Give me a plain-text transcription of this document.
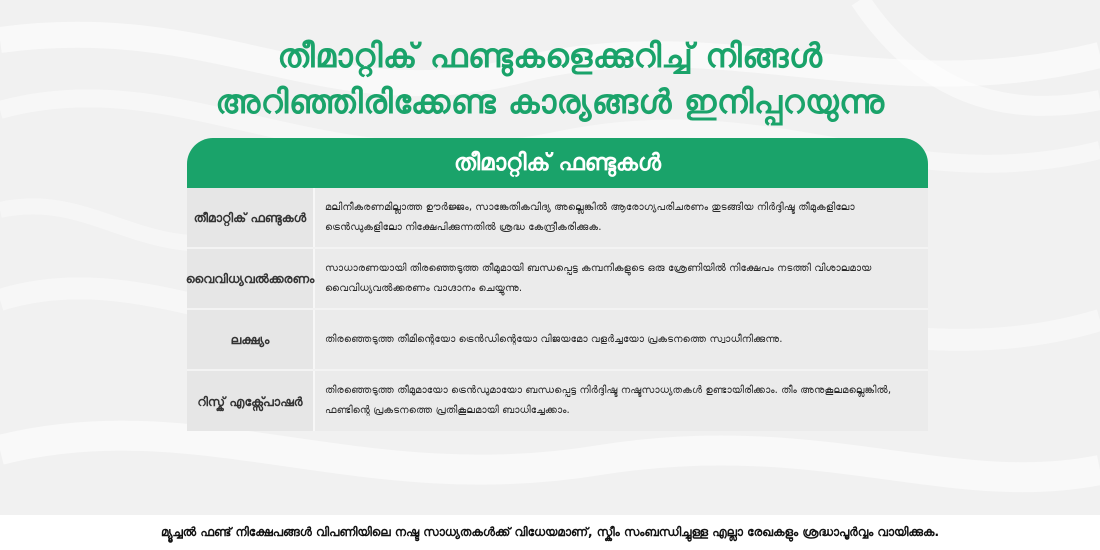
തീമാറ്റിക് ഫണ്ടുകളെക്കുറിച്ച് നിങ്ങൾ
അറിഞ്ഞിരിക്കേണ്ട കാര്യങ്ങൾ ഇനിപ്പറയുന്നു
തീമാറ്റിക് ഫണ്ടുകൾ
തീമാറ്റിക് ഫണ്ടുകൾ
മലിനീകരണമില്ലാത്ത ഊർജ്ജം, സാങ്കേതികവിദ്യ അല്ലെങ്കിൽ ആരോഗ്യപരിചരണം തുടങ്ങിയ നിർദ്ദിഷ്ട തീമുകളിലോ ട്രെൻഡുകളിലോ നിക്ഷേപിക്കുന്നതിൽ ശ്രദ്ധ കേന്ദ്രീകരിക്കുക.
വൈവിധ്യവൽക്കരണം
സാധാരണയായി തിരഞ്ഞെടുത്ത തീമുമായി ബന്ധപ്പെട്ട കമ്പനികളുടെ ഒരു ശ്രേണിയിൽ നിക്ഷേപം നടത്തി വിശാലമായ വൈവിധ്യവൽക്കരണം വാഗ്ദാനം ചെയ്യുന്നു.
ലക്ഷ്യം	തിരഞ്ഞെടുത്ത തീമിന്റെയോ ട്രെൻഡിന്റെയോ വിജയമോ വളർച്ചയോ പ്രകടനത്തെ സ്വാധീനിക്കുന്നു.
റിസ്ക് എക്സ്പോഷർ
തിരഞ്ഞെടുത്ത തീമുമായോ ട്രെൻഡുമായോ ബന്ധപ്പെട്ട നിർദ്ദിഷ്ട നഷ്ടസാധ്യതകൾ ഉണ്ടായിരിക്കാം. തീം അനുകൂലമല്ലെങ്കിൽ, ഫണ്ടിന്റെ പ്രകടനത്തെ പ്രതികൂലമായി ബാധിച്ചേക്കാം.
മ്യൂച്ചൽ ഫണ്ട് നിക്ഷേപങ്ങൾ വിപണിയിലെ നഷ്ട സാധ്യതകൾക്ക് വിധേയമാണ്, സ്കീം സംബന്ധിച്ചുള്ള എല്ലാ രേഖകളും ശ്രദ്ധാപൂർവ്വം വായിക്കുക.
